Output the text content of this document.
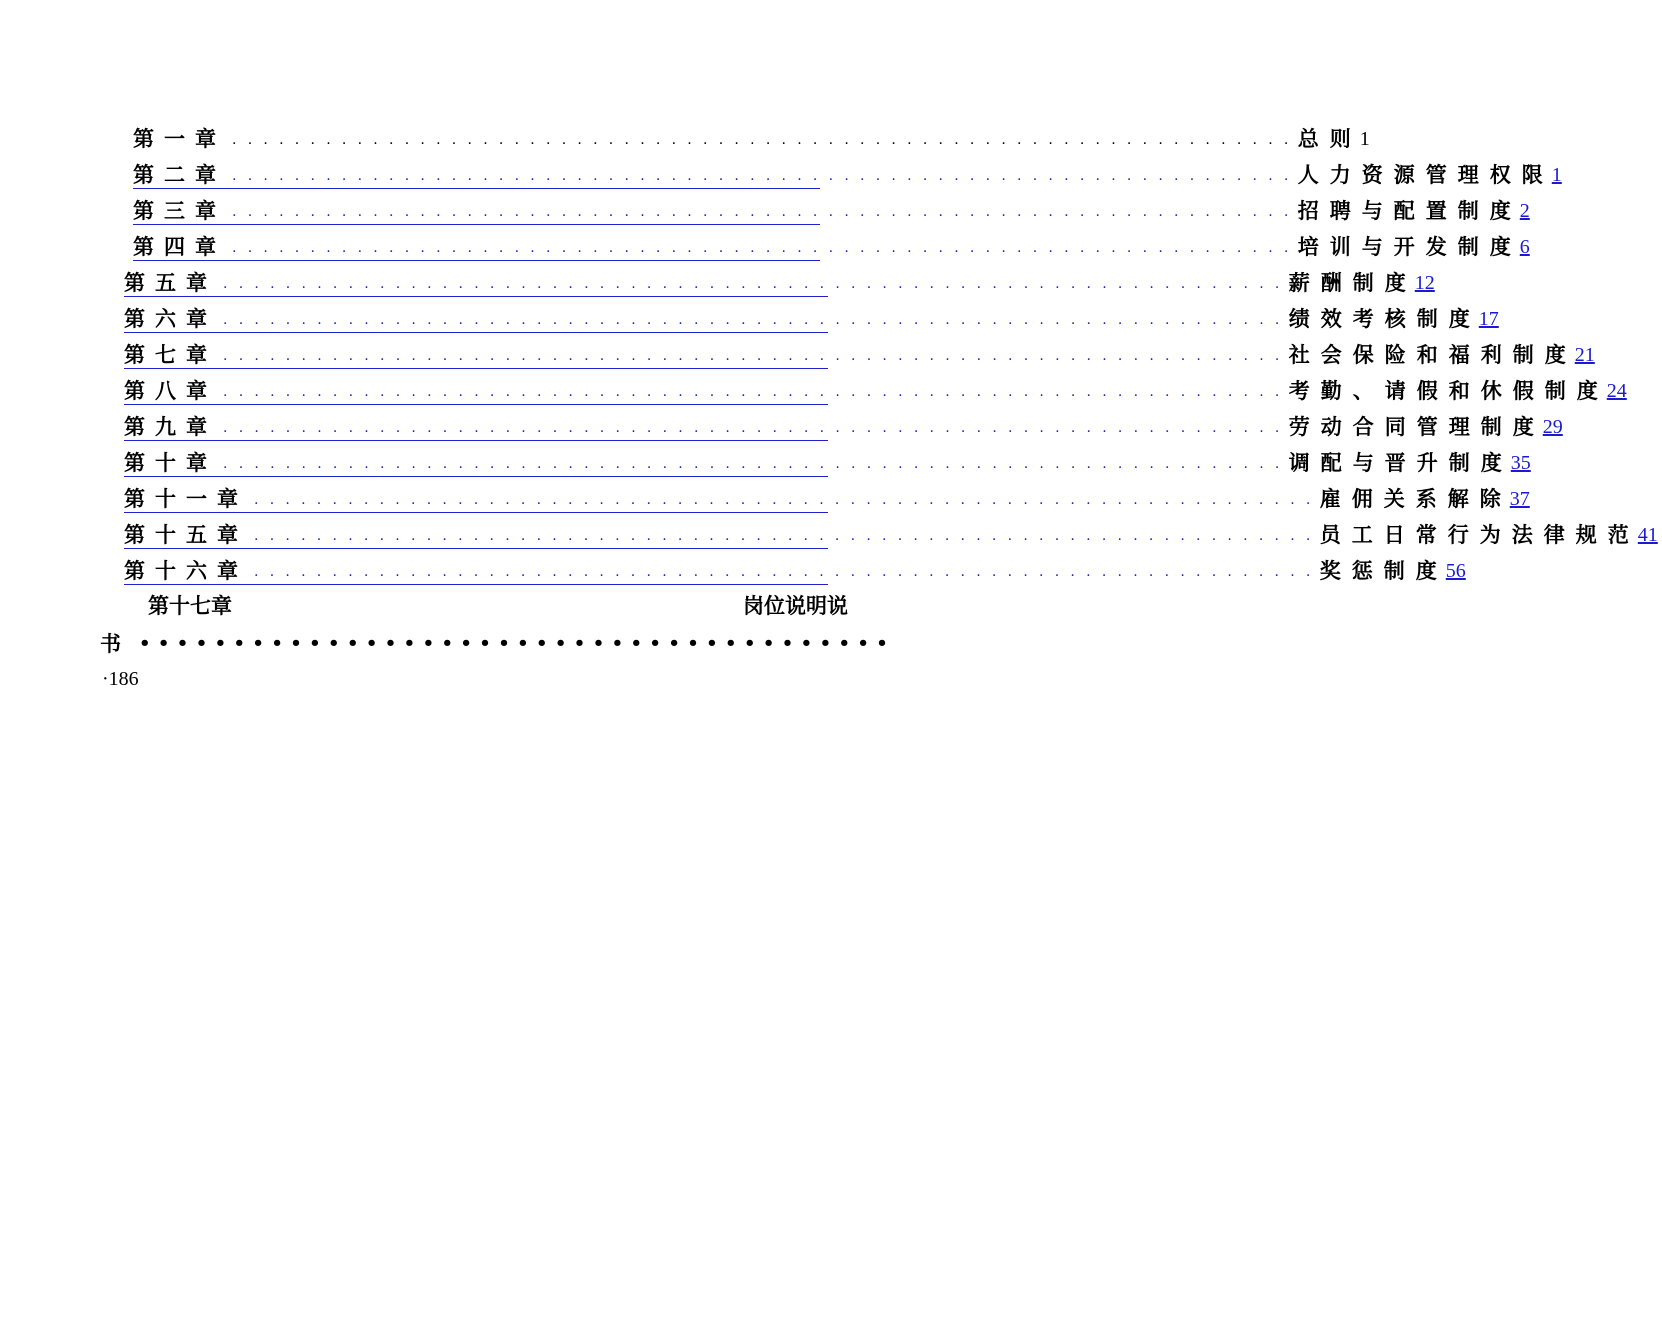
第一章 . . . . . . . . . . . . . . . . . . . . . . . . . . . . . . . . . . . . . . . . . . . . . . . . . . . . . . . . . . . . . . . . . . . . 总则
1
第二章 . . . . . . . . . . . . . . . . . . . . . . . . . . . . . . . . . . . . . . . . . . . . . . . . . . . . . . . . . . . . . . . . . . . . 人力资源管理权限
1
第三章 . . . . . . . . . . . . . . . . . . . . . . . . . . . . . . . . . . . . . . . . . . . . . . . . . . . . . . . . . . . . . . . . . . . . 招聘与配置制度
2
第四章 . . . . . . . . . . . . . . . . . . . . . . . . . . . . . . . . . . . . . . . . . . . . . . . . . . . . . . . . . . . . . . . . . . . . 培训与开发制度
6
第五章 . . . . . . . . . . . . . . . . . . . . . . . . . . . . . . . . . . . . . . . . . . . . . . . . . . . . . . . . . . . . . . . . . . . . 薪酬制度
12
第六章 . . . . . . . . . . . . . . . . . . . . . . . . . . . . . . . . . . . . . . . . . . . . . . . . . . . . . . . . . . . . . . . . . . . . 绩效考核制度
17
第七章 . . . . . . . . . . . . . . . . . . . . . . . . . . . . . . . . . . . . . . . . . . . . . . . . . . . . . . . . . . . . . . . . . . . . 社会保险和福利制度
21
第八章 . . . . . . . . . . . . . . . . . . . . . . . . . . . . . . . . . . . . . . . . . . . . . . . . . . . . . . . . . . . . . . . . . . . . 考勤、请假和休假制度
24
第九章 . . . . . . . . . . . . . . . . . . . . . . . . . . . . . . . . . . . . . . . . . . . . . . . . . . . . . . . . . . . . . . . . . . . . 劳动合同管理制度
29
第十章 . . . . . . . . . . . . . . . . . . . . . . . . . . . . . . . . . . . . . . . . . . . . . . . . . . . . . . . . . . . . . . . . . . . . 调配与晋升制度
35
第十一章 . . . . . . . . . . . . . . . . . . . . . . . . . . . . . . . . . . . . . . . . . . . . . . . . . . . . . . . . . . . . . . . . . . . . 雇佣关系解除
37
第十五章 . . . . . . . . . . . . . . . . . . . . . . . . . . . . . . . . . . . . . . . . . . . . . . . . . . . . . . . . . . . . . . . . . . . . 员工日常行为法律规范
41
第十六章 . . . . . . . . . . . . . . . . . . . . . . . . . . . . . . . . . . . . . . . . . . . . . . . . . . . . . . . . . . . . . . . . . . . . 奖惩制度
56
第 十 七 章	岗 位 说 明 说
书	••••••••••••••••••••••••••••••••••••••••
·186
